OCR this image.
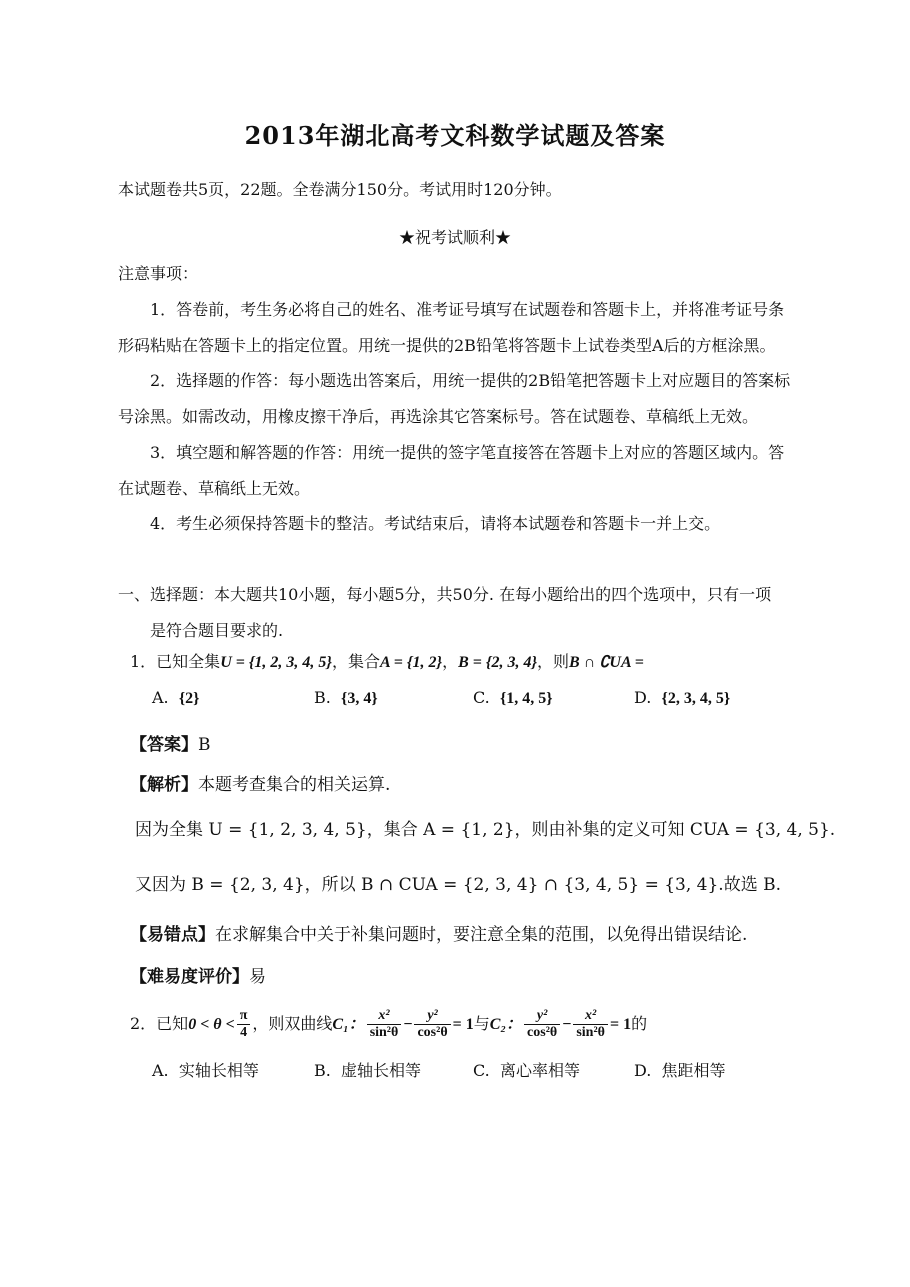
2013年湖北高考文科数学试题及答案
本试题卷共5页，22题。全卷满分150分。考试用时120分钟。
★祝考试顺利★
注意事项：
1．答卷前，考生务必将自己的姓名、准考证号填写在试题卷和答题卡上，并将准考证号条
形码粘贴在答题卡上的指定位置。用统一提供的2B铅笔将答题卡上试卷类型A后的方框涂黑。
2．选择题的作答：每小题选出答案后，用统一提供的2B铅笔把答题卡上对应题目的答案标
号涂黑。如需改动，用橡皮擦干净后，再选涂其它答案标号。答在试题卷、草稿纸上无效。
3．填空题和解答题的作答：用统一提供的签字笔直接答在答题卡上对应的答题区域内。答
在试题卷、草稿纸上无效。
4．考生必须保持答题卡的整洁。考试结束后，请将本试题卷和答题卡一并上交。
一、选择题：本大题共10小题，每小题5分，共50分. 在每小题给出的四个选项中，只有一项
是符合题目要求的.
1．已知全集U = {1, 2, 3, 4, 5}，集合A = {1, 2}，B = {2, 3, 4}，则B ∩ ∁UA =
A. {2}	B. {3, 4}	C. {1, 4, 5}	D. {2, 3, 4, 5}
【答案】B
【解析】本题考查集合的相关运算.
因为全集 U = {1, 2, 3, 4, 5}，集合 A = {1, 2}，则由补集的定义可知 CUA = {3, 4, 5}.
又因为 B = {2, 3, 4}，所以 B ∩ CUA = {2, 3, 4} ∩ {3, 4, 5} = {3, 4}.故选 B.
【易错点】在求解集合中关于补集问题时，要注意全集的范围，以免得出错误结论.
【难易度评价】易
2．已知$0 < \theta < \frac{\pi}{4}$ ，则双曲线C₁： $\frac{\text{x²}}{\text{sin²θ}} - \frac{\text{y²}}{\text{cos²θ}} = 1$与C₂： $\frac{\text{y²}}{\text{cos²θ}} - \frac{\text{x²}}{\text{sin²θ}} = 1$的
A. 实轴长相等	B. 虚轴长相等	C. 离心率相等	D. 焦距相等
